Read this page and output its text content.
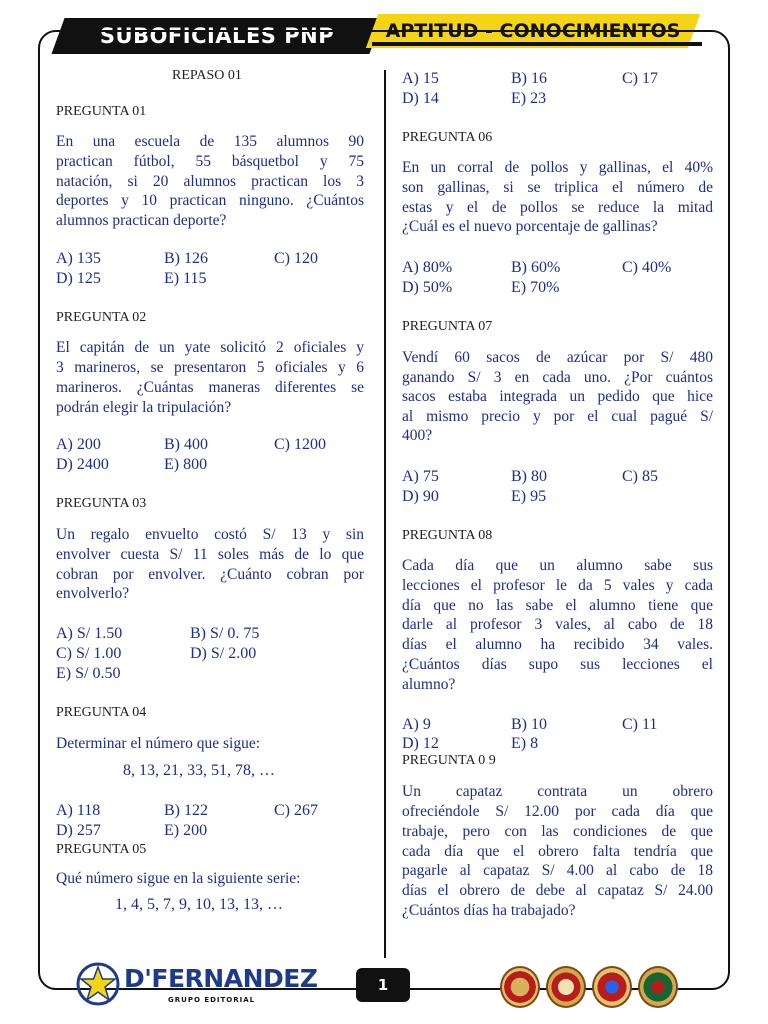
SUBOFICIALES PNP	APTITUD - CONOCIMIENTOS
REPASO 01
PREGUNTA 01
En una escuela de 135 alumnos 90
practican fútbol, 55 básquetbol y 75
natación, si 20 alumnos practican los 3
deportes y 10 practican ninguno. ¿Cuántos
alumnos practican deporte?
A) 135	B) 126	C) 120
D) 125	E) 115
PREGUNTA 02
El capitán de un yate solicitó 2 oficiales y
3 marineros, se presentaron 5 oficiales y 6
marineros. ¿Cuántas maneras diferentes se
podrán elegir la tripulación?
A) 200	B) 400	C) 1200
D) 2400	E) 800
PREGUNTA 03
Un regalo envuelto costó S/ 13 y sin
envolver cuesta S/ 11 soles más de lo que
cobran por envolver. ¿Cuánto cobran por
envolverlo?
A) S/ 1.50	B) S/ 0. 75
C) S/ 1.00	D) S/ 2.00
E) S/ 0.50
PREGUNTA 04
Determinar el número que sigue:
8, 13, 21, 33, 51, 78, …
A) 118	B) 122	C) 267
D) 257	E) 200
PREGUNTA 05
Qué número sigue en la siguiente serie:
1, 4, 5, 7, 9, 10, 13, 13, …
A) 15	B) 16	C) 17
D) 14	E) 23
PREGUNTA 06
En un corral de pollos y gallinas, el 40%
son gallinas, si se triplica el número de
estas y el de pollos se reduce la mitad
¿Cuál es el nuevo porcentaje de gallinas?
A) 80%	B) 60%	C) 40%
D) 50%	E) 70%
PREGUNTA 07
Vendí 60 sacos de azúcar por S/ 480
ganando S/ 3 en cada uno. ¿Por cuántos
sacos estaba integrada un pedido que hice
al mismo precio y por el cual pagué S/
400?
A) 75	B) 80	C) 85
D) 90	E) 95
PREGUNTA 08
Cada día que un alumno sabe sus
lecciones el profesor le da 5 vales y cada
día que no las sabe el alumno tiene que
darle al profesor 3 vales, al cabo de 18
días el alumno ha recibido 34 vales.
¿Cuántos días supo sus lecciones el
alumno?
A) 9	B) 10	C) 11
D) 12	E) 8
PREGUNTA 0 9
Un capataz contrata un obrero
ofreciéndole S/ 12.00 por cada día que
trabaje, pero con las condiciones de que
cada día que el obrero falta tendría que
pagarle al capataz S/ 4.00 al cabo de 18
días el obrero de debe al capataz S/ 24.00
¿Cuántos días ha trabajado?
D'FERNANDEZ
GRUPO EDITORIAL
1
